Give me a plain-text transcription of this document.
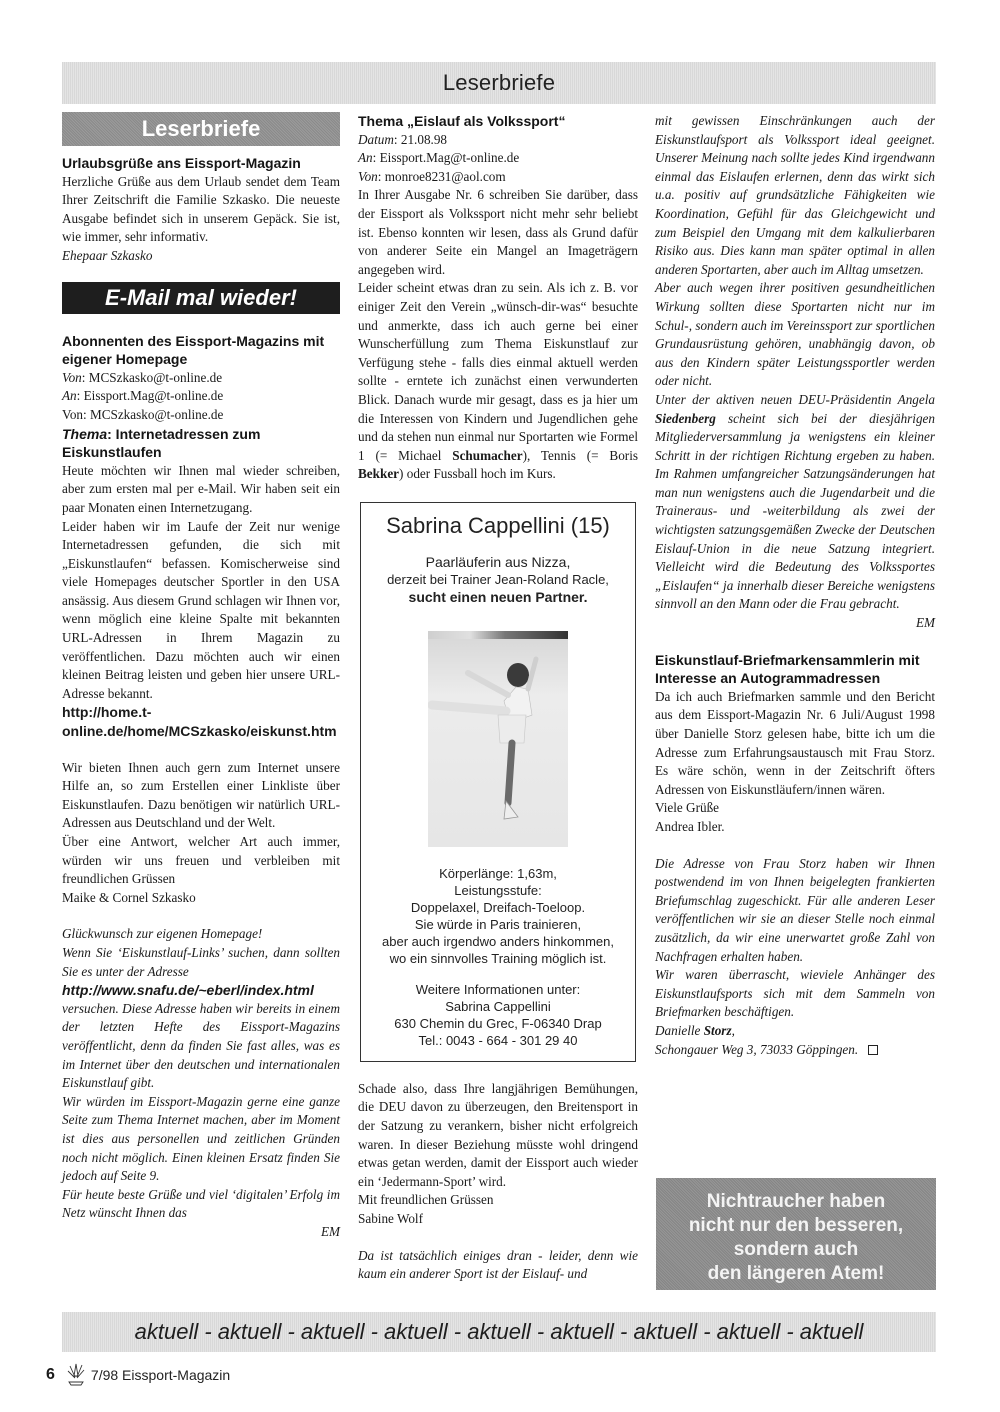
Leserbriefe
Leserbriefe
Urlaubsgrüße ans Eissport-Magazin

Herzliche Grüße aus dem Urlaub sendet dem Team Ihrer Zeitschrift die Familie Szkasko. Die neueste Ausgabe befindet sich in unserem Gepäck. Sie ist, wie immer, sehr informativ.

Ehepaar Szkasko

E-Mail mal wieder!
Abonnenten des Eissport-Magazins mit eigener Homepage

Von: MCSzkasko@t-online.de

An: Eissport.Mag@t-online.de

Von: MCSzkasko@t-online.de

Thema: Internetadressen zum Eiskunstlaufen

Heute möchten wir Ihnen mal wieder schreiben, aber zum ersten mal per e-Mail. Wir haben seit ein paar Monaten einen Internetzugang.

Leider haben wir im Laufe der Zeit nur wenige Internetadressen gefunden, die sich mit „Eiskunstlaufen“ befassen. Komischerweise sind viele Homepages deutscher Sportler in den USA ansässig. Aus diesem Grund schlagen wir Ihnen vor, wenn möglich eine kleine Spalte mit bekannten URL-Adressen in Ihrem Magazin zu veröffentlichen. Dazu möchten auch wir einen kleinen Beitrag leisten und geben hier unsere URL-Adresse bekannt.

http://home.t-online.de/home/MCSzkasko/eiskunst.htm

Wir bieten Ihnen auch gern zum Internet unsere Hilfe an, so zum Erstellen einer Linkliste über Eiskunstlaufen. Dazu benötigen wir natürlich URL-Adressen aus Deutschland und der Welt.

Über eine Antwort, welcher Art auch immer, würden wir uns freuen und verbleiben mit freundlichen Grüssen

Maike & Cornel Szkasko

Glückwunsch zur eigenen Homepage!

Wenn Sie ‘Eiskunstlauf-Links’ suchen, dann sollten Sie es unter der Adresse

http://www.snafu.de/~eberl/index.html

versuchen. Diese Adresse haben wir bereits in einem der letzten Hefte des Eissport-Magazins veröffentlicht, denn da finden Sie fast alles, was es im Internet über den deutschen und internationalen Eiskunstlauf gibt.

Wir würden im Eissport-Magazin gerne eine ganze Seite zum Thema Internet machen, aber im Moment ist dies aus personellen und zeitlichen Gründen noch nicht möglich. Einen kleinen Ersatz finden Sie jedoch auf Seite 9.

Für heute beste Grüße und viel ‘digitalen’ Erfolg im Netz wünscht Ihnen das

EM

Thema „Eislauf als Volkssport“

Datum: 21.08.98

An: Eissport.Mag@t-online.de

Von: monroe8231@aol.com

In Ihrer Ausgabe Nr. 6 schreiben Sie darüber, dass der Eissport als Volkssport nicht mehr sehr beliebt ist. Ebenso konnten wir lesen, dass als Grund dafür von anderer Seite ein Mangel an Imageträgern angegeben wird.

Leider scheint etwas dran zu sein. Als ich z. B. vor einiger Zeit den Verein „wünsch-dir-was“ besuchte und anmerkte, dass ich auch gerne bei einer Wunscherfüllung zum Thema Eiskunstlauf zur Verfügung stehe - falls dies einmal aktuell werden sollte - erntete ich zunächst einen verwunderten Blick. Danach wurde mir gesagt, dass es ja hier um die Interessen von Kindern und Jugendlichen gehe und da stehen nun einmal nur Sportarten wie Formel 1 (= Michael Schumacher), Tennis (= Boris Bekker) oder Fussball hoch im Kurs.

Sabrina Cappellini (15)
Paarläuferin aus Nizza,
derzeit bei Trainer Jean-Roland Racle,
sucht einen neuen Partner.
Körperlänge: 1,63m,
Leistungsstufe:
Doppelaxel, Dreifach-Toeloop.
Sie würde in Paris trainieren,
aber auch irgendwo anders hinkommen,
wo ein sinnvolles Training möglich ist.
Weitere Informationen unter:
Sabrina Cappellini
630 Chemin du Grec, F-06340 Drap
Tel.: 0043 - 664 - 301 29 40

Schade also, dass Ihre langjährigen Bemühungen, die DEU davon zu überzeugen, den Breitensport in der Satzung zu verankern, bisher nicht erfolgreich waren. In dieser Beziehung müsste wohl dringend etwas getan werden, damit der Eissport auch wieder ein ‘Jedermann-Sport’ wird.

Mit freundlichen Grüssen

Sabine Wolf

Da ist tatsächlich einiges dran - leider, denn wie kaum ein anderer Sport ist der Eislauf- und

mit gewissen Einschränkungen auch der Eiskunstlaufsport als Volkssport ideal geeignet. Unserer Meinung nach sollte jedes Kind irgendwann einmal das Eislaufen erlernen, denn das wirkt sich u.a. positiv auf grundsätzliche Fähigkeiten wie Koordination, Gefühl für das Gleichgewicht und zum Beispiel den Umgang mit dem kalkulierbaren Risiko aus. Dies kann man später optimal in allen anderen Sportarten, aber auch im Alltag umsetzen.

Aber auch wegen ihrer positiven gesundheitlichen Wirkung sollten diese Sportarten nicht nur im Schul-, sondern auch im Vereinssport zur sportlichen Grundausrüstung gehören, unabhängig davon, ob aus den Kindern später Leistungssportler werden oder nicht.

Unter der aktiven neuen DEU-Präsidentin Angela Siedenberg scheint sich bei der diesjährigen Mitgliederversammlung ja wenigstens ein kleiner Schritt in der richtigen Richtung ergeben zu haben. Im Rahmen umfangreicher Satzungsänderungen hat man nun wenigstens auch die Jugendarbeit und die Traineraus- und -weiterbildung als zwei der wichtigsten satzungsgemäßen Zwecke der Deutschen Eislauf-Union in die neue Satzung integriert. Vielleicht wird die Bedeutung des Volkssportes „Eislaufen“ ja innerhalb dieser Bereiche wenigstens sinnvoll an den Mann oder die Frau gebracht.

EM

Eiskunstlauf-Briefmarkensammlerin mit Interesse an Autogrammadressen

Da ich auch Briefmarken sammle und den Bericht aus dem Eissport-Magazin Nr. 6 Juli/August 1998 über Danielle Storz gelesen habe, bitte ich um die Adresse zum Erfahrungsaustausch mit Frau Storz. Es wäre schön, wenn in der Zeitschrift öfters Adressen von Eiskunstläufern/innen wären.

Viele Grüße

Andrea Ibler.

Die Adresse von Frau Storz haben wir Ihnen postwendend im von Ihnen beigelegten frankierten Briefumschlag zugeschickt. Für alle anderen Leser veröffentlichen wir sie an dieser Stelle noch einmal zusätzlich, da wir eine unerwartet große Zahl von Nachfragen erhalten haben.

Wir waren überrascht, wieviele Anhänger des Eiskunstlaufsports sich mit dem Sammeln von Briefmarken beschäftigen.

Danielle Storz,

Schongauer Weg 3, 73033 Göppingen.

Nichtraucher haben
nicht nur den besseren,
sondern auch
den längeren Atem!
aktuell - aktuell - aktuell - aktuell - aktuell - aktuell - aktuell - aktuell - aktuell
6	7/98 Eissport-Magazin
